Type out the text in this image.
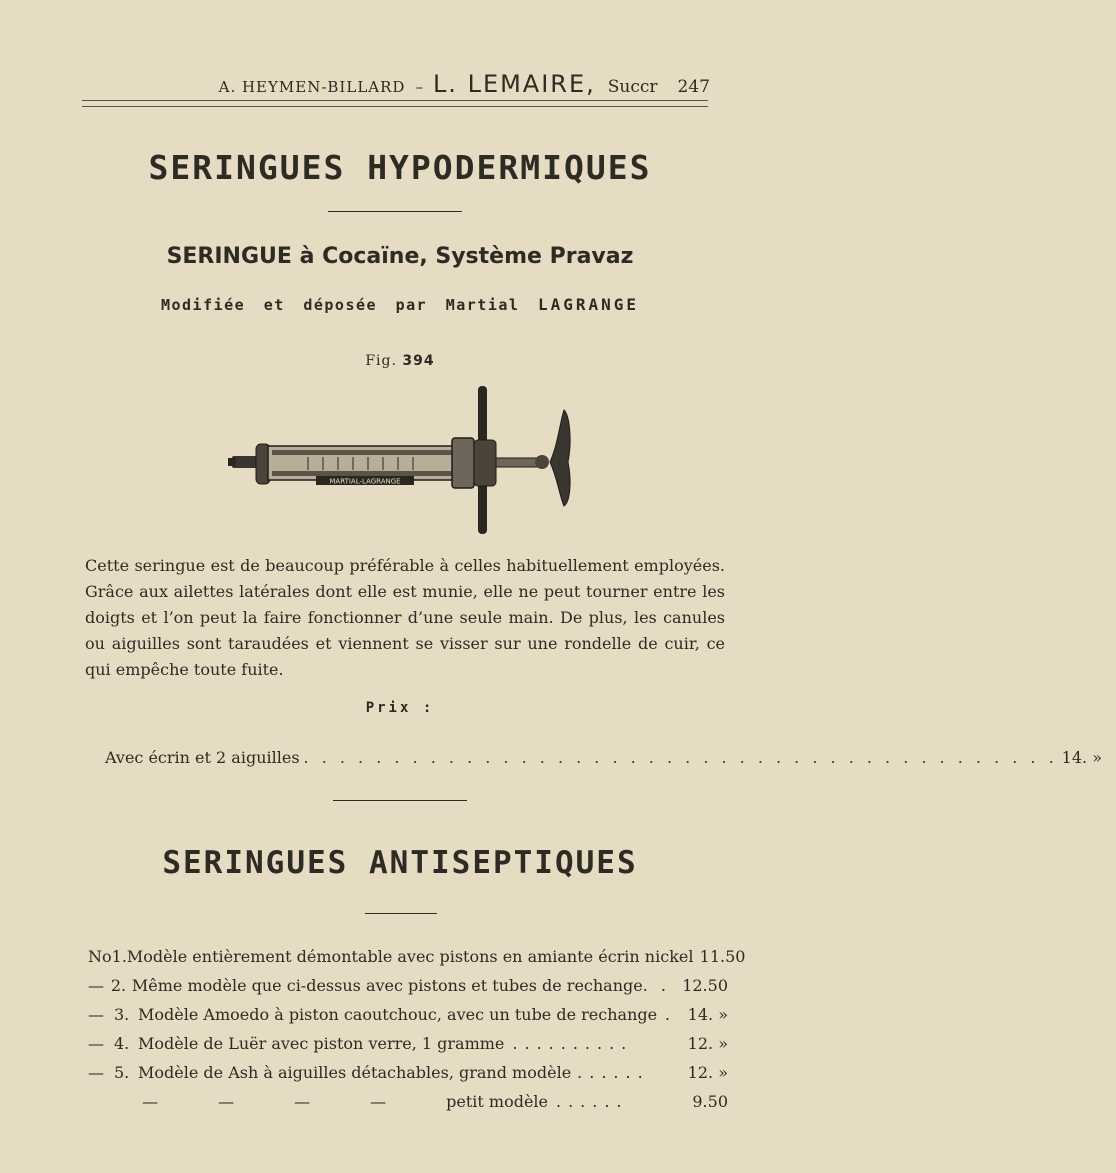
A. HEYMEN-BILLARD – L. LEMAIRE, Succr 247
SERINGUES HYPODERMIQUES
SERINGUE à Cocaïne, Système Pravaz
Modifiée et déposée par Martial LAGRANGE
Fig. 394
MARTIAL-LAGRANGE
Cette seringue est de beaucoup préférable à celles habituellement employées. Grâce aux ailettes latérales dont elle est munie, elle ne peut tourner entre les doigts et l’on peut la faire fonctionner d’une seule main. De plus, les canules ou aiguilles sont taraudées et viennent se visser sur une rondelle de cuir, ce qui empêche toute fuite.
Prix :
Avec écrin et 2 aiguilles . . . . . . . . . . . . . . . . . . . . . . . . . . . . . . . . . . . . . . . . . . 14. »
SERINGUES ANTISEPTIQUES
No 1. Modèle entièrement démontable avec pistons en amiante écrin nickel 11.50
— 2. Même modèle que ci-dessus avec pistons et tubes de rechange . . 12.50
— 3. Modèle Amoedo à piston caoutchouc, avec un tube de rechange .	14. »
— 4. Modèle de Luër avec piston verre, 1 gramme ..........	12. »
— 5. Modèle de Ash à aiguilles détachables, grand modèle ......	12. »
—	—	—	—	petit modèle ......	9.50
